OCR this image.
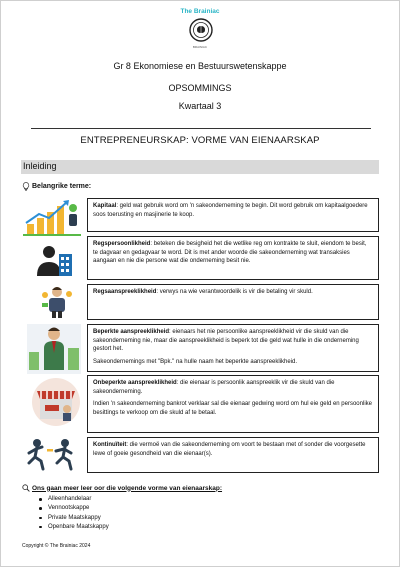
The Brainiac
BRAINIAC
Gr 8 Ekonomiese en Bestuurswetenskappe
OPSOMMINGS
Kwartaal 3
ENTREPRENEURSKAP: VORME VAN EIENAARSKAP
Inleiding
Belangrike terme:

Kapitaal: geld wat gebruik word om 'n sakeonderneming te begin. Dit word gebruik om kapitaalgoedere soos toerusting en masjinerie te koop.

Regspersoonlikheid: beteken die besigheid het die wetlike reg om kontrakte te sluit, eiendom te besit, te dagvaar en gedagvaar te word. Dit is met ander woorde die sakeonderneming wat transaksies aangaan en nie die persone wat die onderneming besit nie.

Regsaanspreeklikheid: verwys na wie verantwoordelik is vir die betaling vir skuld.

Beperkte aanspreeklikheid: eienaars het nie persoonlike aanspreeklikheid vir die skuld van die sakeonderneming nie, maar die aanspreeklikheid is beperk tot die geld wat hulle in die onderneming gestort het.

Sakeondernemings met "Bpk." na hulle naam het beperkte aanspreeklikheid.

Onbeperkte aanspreeklikheid: die eienaar is persoonlik aanspreeklik vir die skuld van die sakeonderneming.

Indien 'n sakeonderneming bankrot verklaar sal die eienaar gedwing word om hul eie geld en persoonlike besittings te verkoop om die skuld af te betaal.

Kontinuïteit: die vermoë van die sakeonderneming om voort te bestaan met of sonder die voorgesette lewe of goeie gesondheid van die eienaar(s).

Ons gaan meer leer oor die volgende vorme van eienaarskap:
Alleenhandelaar
Vennootskappe
Private Maatskappy
Openbare Maatskappy
Copyright © The Brainiac 2024
